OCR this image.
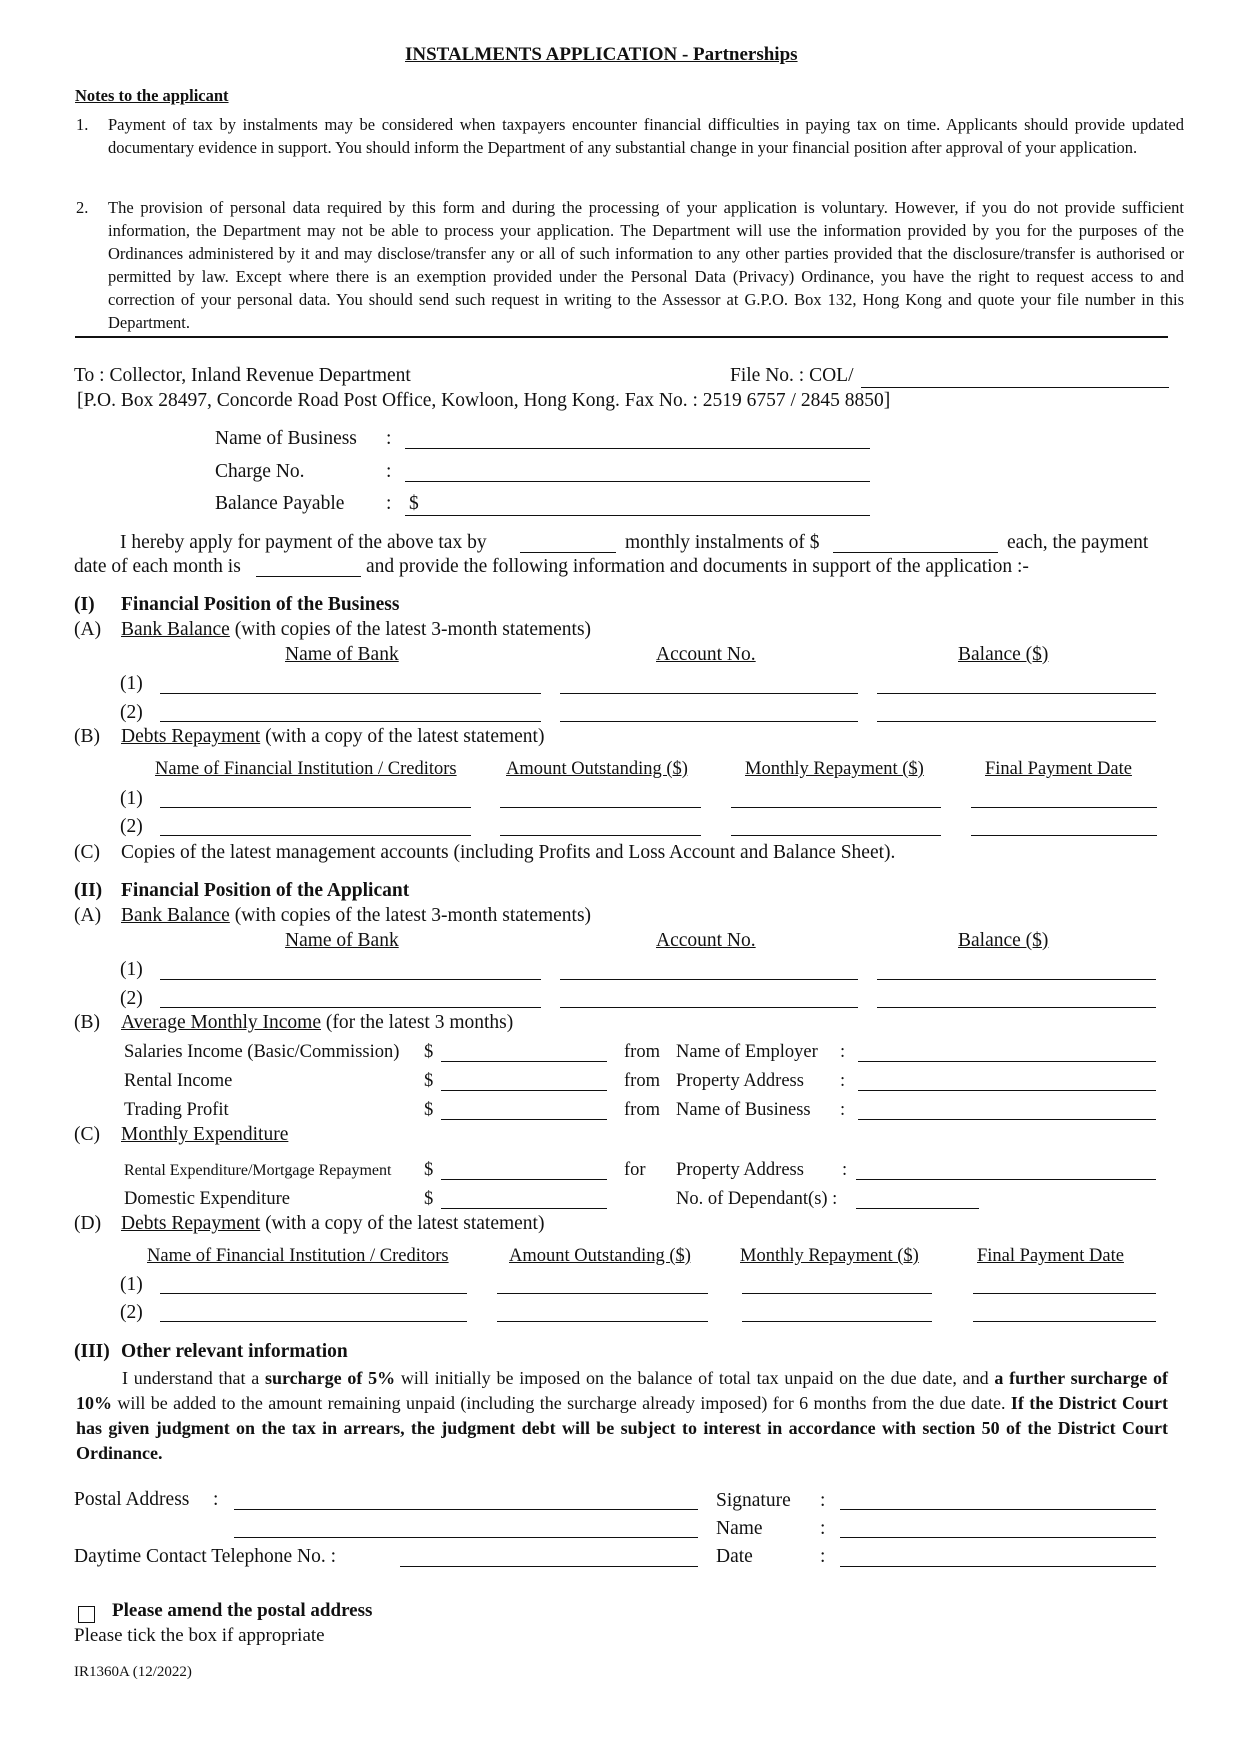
INSTALMENTS APPLICATION - Partnerships
Notes to the applicant
1. Payment of tax by instalments may be considered when taxpayers encounter financial difficulties in paying tax on time. Applicants should provide updated documentary evidence in support. You should inform the Department of any substantial change in your financial position after approval of your application.
2. The provision of personal data required by this form and during the processing of your application is voluntary. However, if you do not provide sufficient information, the Department may not be able to process your application. The Department will use the information provided by you for the purposes of the Ordinances administered by it and may disclose/transfer any or all of such information to any other parties provided that the disclosure/transfer is authorised or permitted by law. Except where there is an exemption provided under the Personal Data (Privacy) Ordinance, you have the right to request access to and correction of your personal data. You should send such request in writing to the Assessor at G.P.O. Box 132, Hong Kong and quote your file number in this Department.
To : Collector, Inland Revenue Department	File No. : COL/
[P.O. Box 28497, Concorde Road Post Office, Kowloon, Hong Kong. Fax No. : 2519 6757 / 2845 8850]
Name of Business :
Charge No.	:
Balance Payable : $
I hereby apply for payment of the above tax by	monthly instalments of $	each, the payment
date of each month is	and provide the following information and documents in support of the application :-
(I) Financial Position of the Business
(A) Bank Balance (with copies of the latest 3-month statements)
Name of Bank	Account No.	Balance ($)
(1)
(2)
(B) Debts Repayment (with a copy of the latest statement)
Name of Financial Institution / Creditors	Amount Outstanding ($)	Monthly Repayment ($)	Final Payment Date
(1)
(2)
(C) Copies of the latest management accounts (including Profits and Loss Account and Balance Sheet).
(II) Financial Position of the Applicant
(A) Bank Balance (with copies of the latest 3-month statements)
Name of Bank	Account No.	Balance ($)
(1)
(2)
(B) Average Monthly Income (for the latest 3 months)
Salaries Income (Basic/Commission) $	from Name of Employer :
Rental Income	$	from Property Address :
Trading Profit	$	from Name of Business :
(C) Monthly Expenditure
Rental Expenditure/Mortgage Repayment $	for Property Address :
Domestic Expenditure	$	No. of Dependant(s) :
(D) Debts Repayment (with a copy of the latest statement)
Name of Financial Institution / Creditors	Amount Outstanding ($)	Monthly Repayment ($)	Final Payment Date
(1)
(2)
(III) Other relevant information
I understand that a surcharge of 5% will initially be imposed on the balance of total tax unpaid on the due date, and a further surcharge of 10% will be added to the amount remaining unpaid (including the surcharge already imposed) for 6 months from the due date. If the District Court has given judgment on the tax in arrears, the judgment debt will be subject to interest in accordance with section 50 of the District Court Ordinance.
Postal Address :
Daytime Contact Telephone No. :
Signature :
Name	:
Date	:
Please amend the postal address
Please tick the box if appropriate
IR1360A (12/2022)
